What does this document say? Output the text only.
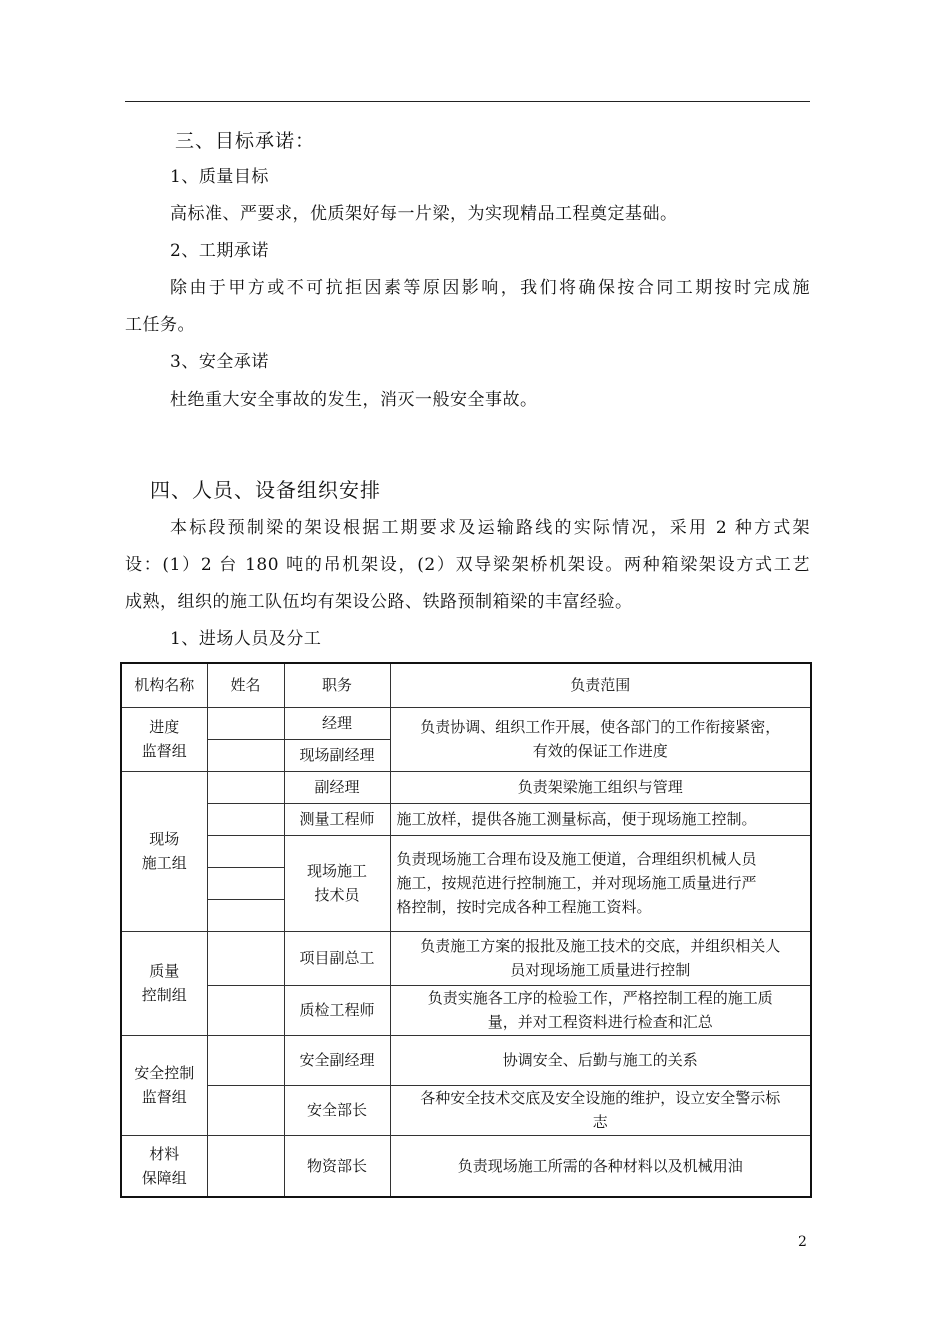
三、目标承诺：
1、质量目标
高标准、严要求，优质架好每一片梁，为实现精品工程奠定基础。
2、工期承诺
除由于甲方或不可抗拒因素等原因影响，我们将确保按合同工期按时完成施
工任务。
3、安全承诺
杜绝重大安全事故的发生，消灭一般安全事故。
四、人员、设备组织安排
本标段预制梁的架设根据工期要求及运输路线的实际情况，采用 2 种方式架
设：(1）2 台 180 吨的吊机架设，(2）双导梁架桥机架设。两种箱梁架设方式工艺
成熟，组织的施工队伍均有架设公路、铁路预制箱梁的丰富经验。
1、进场人员及分工
机构名称	姓名	职务	负责范围
进度
监督组		经理	负责协调、组织工作开展，使各部门的工作衔接紧密，
有效的保证工作进度
		现场副经理	
现场
施工组		副经理	负责架梁施工组织与管理
		测量工程师	施工放样，提供各施工测量标高，便于现场施工控制。
		现场施工
技术员	负责现场施工合理布设及施工便道，合理组织机械人员
施工，按规范进行控制施工，并对现场施工质量进行严
格控制，按时完成各种工程施工资料。

质量
控制组		项目副总工	负责施工方案的报批及施工技术的交底，并组织相关人
员对现场施工质量进行控制
		质检工程师	负责实施各工序的检验工作，严格控制工程的施工质
量，并对工程资料进行检查和汇总
安全控制
监督组		安全副经理	协调安全、后勤与施工的关系
		安全部长	各种安全技术交底及安全设施的维护，设立安全警示标
志
材料
保障组		物资部长	负责现场施工所需的各种材料以及机械用油
2
